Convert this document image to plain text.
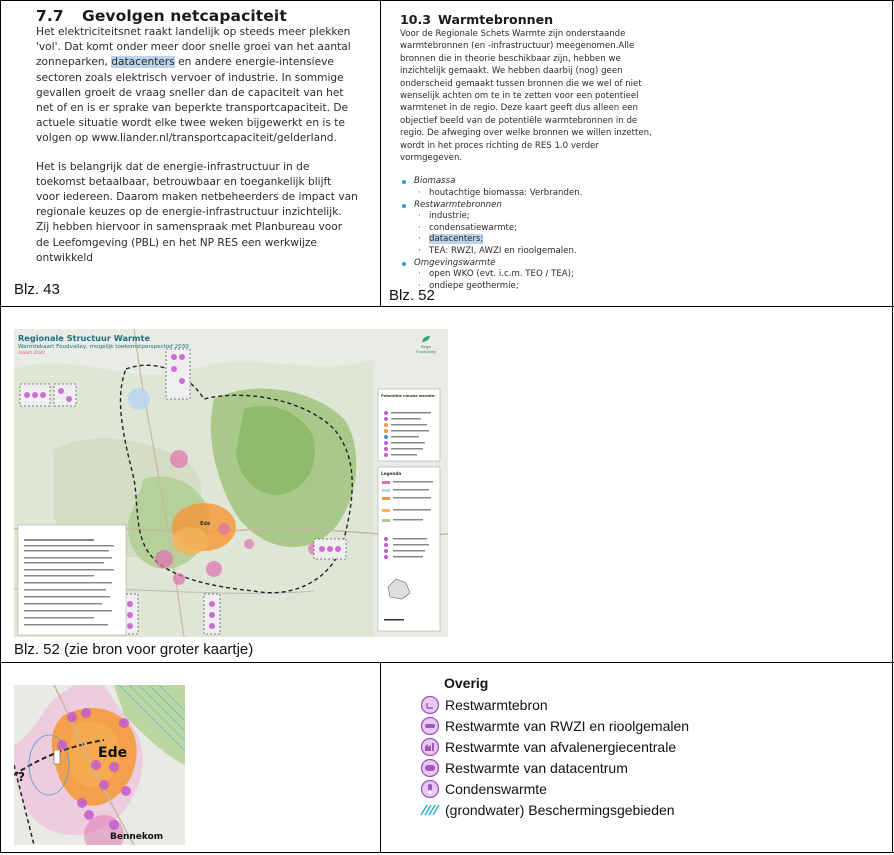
7.7 Gevolgen netcapaciteit

Het elektriciteitsnet raakt landelijk op steeds meer plekken 'vol'. Dat komt onder meer door snelle groei van het aantal zonneparken, datacenters en andere energie-intensieve sectoren zoals elektrisch vervoer of industrie. In sommige gevallen groeit de vraag sneller dan de capaciteit van het net of en is er sprake van beperkte transportcapaciteit. De actuele situatie wordt elke twee weken bijgewerkt en is te volgen op www.liander.nl/transportcapaciteit/gelderland.

Het is belangrijk dat de energie-infrastructuur in de toekomst betaalbaar, betrouwbaar en toegankelijk blijft voor iedereen. Daarom maken netbeheerders de impact van regionale keuzes op de energie-infrastructuur inzichtelijk. Zij hebben hiervoor in samenspraak met Planbureau voor de Leefomgeving (PBL) en het NP RES een werkwijze ontwikkeld

Blz. 43
10.3 Warmtebronnen

Voor de Regionale Schets Warmte zijn onderstaande warmtebronnen (en -infrastructuur) meegenomen.Alle bronnen die in theorie beschikbaar zijn, hebben we inzichtelijk gemaakt. We hebben daarbij (nog) geen onderscheid gemaakt tussen bronnen die we wel of niet wenselijk achten om te in te zetten voor een potentieel warmtenet in de regio. Deze kaart geeft dus alleen een objectief beeld van de potentiële warmtebronnen in de regio. De afweging over welke bronnen we willen inzetten, wordt in het proces richting de RES 1.0 verder vormgegeven.

Biomassa
· houtachtige biomassa: Verbranden.
Restwarmtebronnen
· industrie;
· condensatiewarmte;
· datacenters;
· TEA: RWZI, AWZI en rioolgemalen.
Omgevingswarmte
· open WKO (evt. i.c.m. TEO / TEA);
· ondiepe geothermie;
Blz. 52
Ede
Potentiële nieuwe warmte-
Legenda
Regionale Structuur Warmte
Warmtekaart Foodvalley, mogelijk toekomstperspectief 2030
maart 2020
Regio FoodValley
Blz. 52 (zie bron voor groter kaartje)
?
Ede
Bennekom
Overig
Restwarmtebron
Restwarmte van RWZI en rioolgemalen
Restwarmte van afvalenergiecentrale
Restwarmte van datacentrum
Condenswarmte
(grondwater) Beschermingsgebieden
